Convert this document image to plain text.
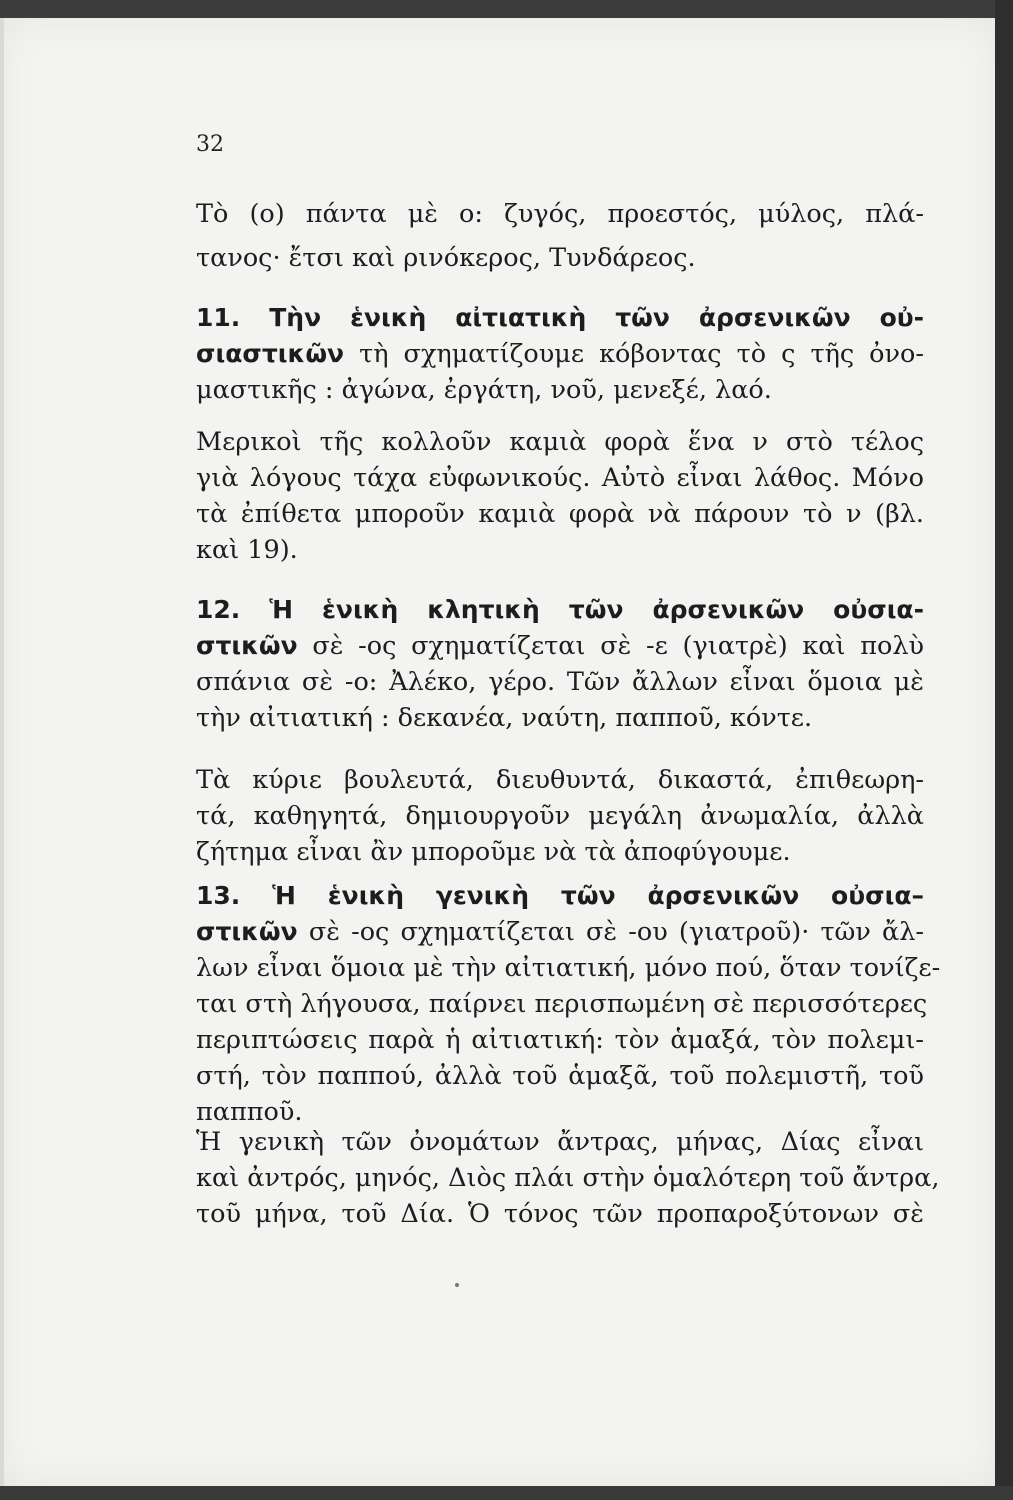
32
Τὸ (ο) πάντα μὲ ο: ζυγός, προεστός, μύλος, πλά-
τανος· ἔτσι καὶ ρινόκερος, Τυνδάρεος.
11. Τὴν ἑνικὴ αἰτιατικὴ τῶν ἀρσενικῶν οὐ-
σιαστικῶν τὴ σχηματίζουμε κόβοντας τὸ ς τῆς ὀνο-
μαστικῆς : ἀγώνα, ἐργάτη, νοῦ, μενεξέ, λαό.
Μερικοὶ τῆς κολλοῦν καμιὰ φορὰ ἕνα ν στὸ τέλος
γιὰ λόγους τάχα εὐφωνικούς. Αὐτὸ εἶναι λάθος. Μόνο
τὰ ἐπίθετα μποροῦν καμιὰ φορὰ νὰ πάρουν τὸ ν (βλ.
καὶ 19).
12. Ἡ ἑνικὴ κλητικὴ τῶν ἀρσενικῶν οὐσια-
στικῶν σὲ -ος σχηματίζεται σὲ -ε (γιατρὲ) καὶ πολὺ
σπάνια σὲ -ο: Ἀλέκο, γέρο. Τῶν ἄλλων εἶναι ὅμοια μὲ
τὴν αἰτιατική : δεκανέα, ναύτη, παπποῦ, κόντε.
Τὰ κύριε βουλευτά, διευθυντά, δικαστά, ἐπιθεωρη-
τά, καθηγητά, δημιουργοῦν μεγάλη ἀνωμαλία, ἀλλὰ
ζήτημα εἶναι ἂν μποροῦμε νὰ τὰ ἀποφύγουμε.
13. Ἡ ἑνικὴ γενικὴ τῶν ἀρσενικῶν οὐσια–
στικῶν σὲ -ος σχηματίζεται σὲ -ου (γιατροῦ)· τῶν ἄλ-
λων εἶναι ὅμοια μὲ τὴν αἰτιατική, μόνο πού, ὅταν τονίζε-
ται στὴ λήγουσα, παίρνει περισπωμένη σὲ περισσότερες
περιπτώσεις παρὰ ἡ αἰτιατική: τὸν ἁμαξά, τὸν πολεμι-
στή, τὸν παππού, ἀλλὰ τοῦ ἁμαξᾶ, τοῦ πολεμιστῆ, τοῦ
παπποῦ.
Ἡ γενικὴ τῶν ὀνομάτων ἄντρας, μήνας, Δίας εἶναι
καὶ ἀντρός, μηνός, Διὸς πλάι στὴν ὁμαλότερη τοῦ ἄντρα,
τοῦ μήνα, τοῦ Δία. Ὁ τόνος τῶν προπαροξύτονων σὲ
